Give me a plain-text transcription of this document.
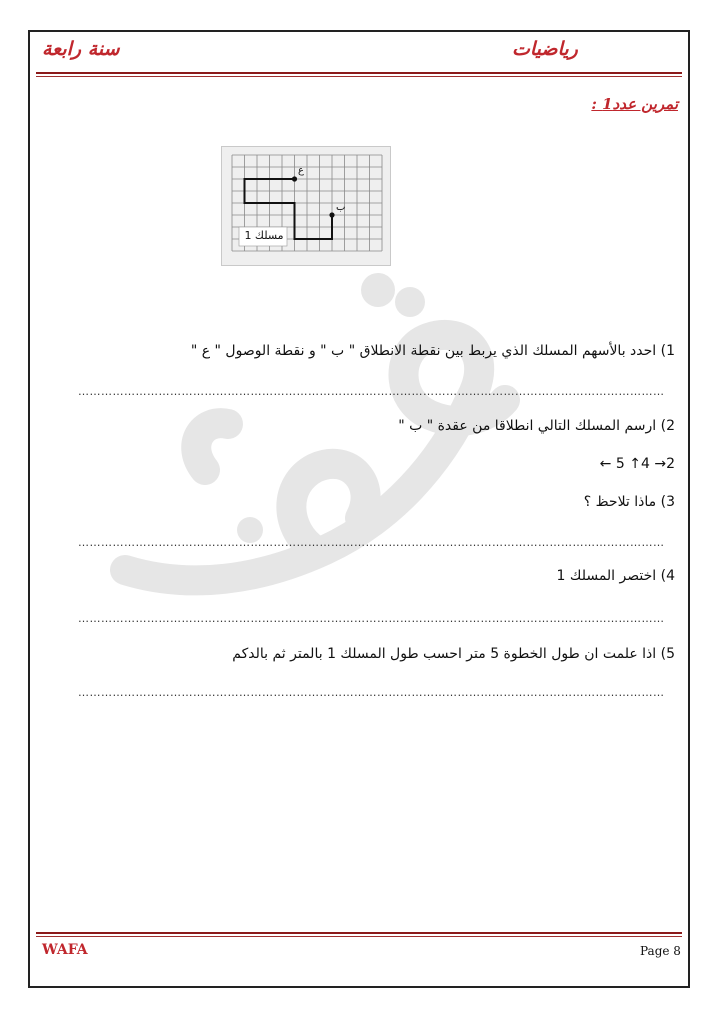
سنة رابعة	رياضيات
تمرين عدد1 :
ع
ب
مسلك 1
1) احدد بالأسهم المسلك الذي يربط بين نقطة الانطلاق " ب " و نقطة الوصول " ع "
………………………………………………………………………………………………………………………………………
2) ارسم المسلك التالي انطلاقا من عقدة " ب "
2→ 4↑ 5 ←
3) ماذا تلاحظ ؟
………………………………………………………………………………………………………………………………………
4) اختصر المسلك 1
………………………………………………………………………………………………………………………………………
5) اذا علمت ان طول الخطوة 5 متر احسب طول المسلك 1 بالمتر ثم بالدكم
………………………………………………………………………………………………………………………………………
WAFA	Page 8
